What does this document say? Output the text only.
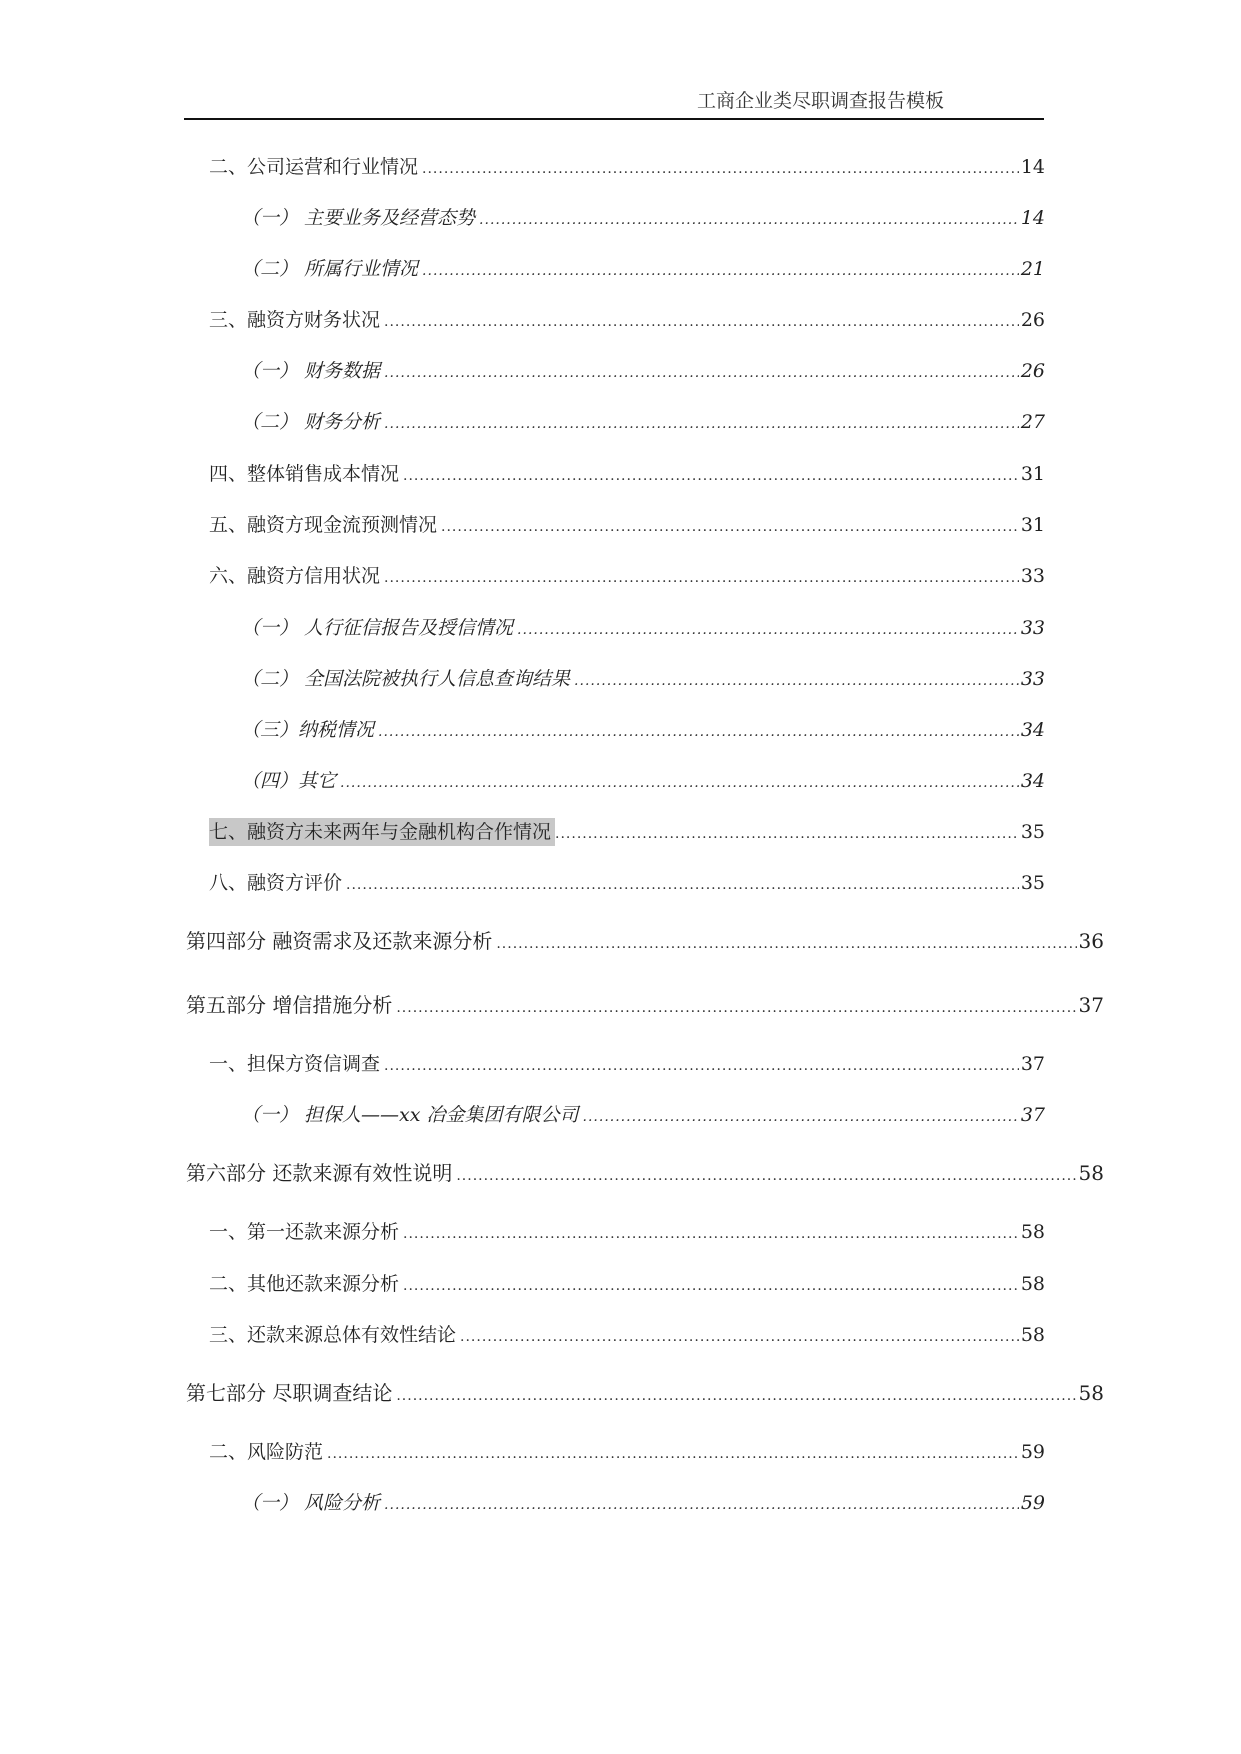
工商企业类尽职调查报告模板
二、公司运营和行业情况 .....	14
（一） 主要业务及经营态势 .....	14
（二） 所属行业情况 .....	21
三、融资方财务状况 .....	26
（一） 财务数据 .....	26
（二） 财务分析 .....	27
四、整体销售成本情况 .....	31
五、融资方现金流预测情况 .....	31
六、融资方信用状况 .....	33
（一） 人行征信报告及授信情况 .....	33
（二） 全国法院被执行人信息查询结果 .....	33
（三）纳税情况 .....	34
（四）其它 .....	34
七、融资方未来两年与金融机构合作情况 .....	35
八、融资方评价 .....	35
第四部分 融资需求及还款来源分析 .....	36
第五部分 增信措施分析 .....	37
一、担保方资信调查 .....	37
（一） 担保人——xx 冶金集团有限公司 .....	37
第六部分 还款来源有效性说明 .....	58
一、第一还款来源分析 .....	58
二、其他还款来源分析 .....	58
三、还款来源总体有效性结论 .....	58
第七部分 尽职调查结论 .....	58
二、风险防范 .....	59
（一） 风险分析 .....	59
